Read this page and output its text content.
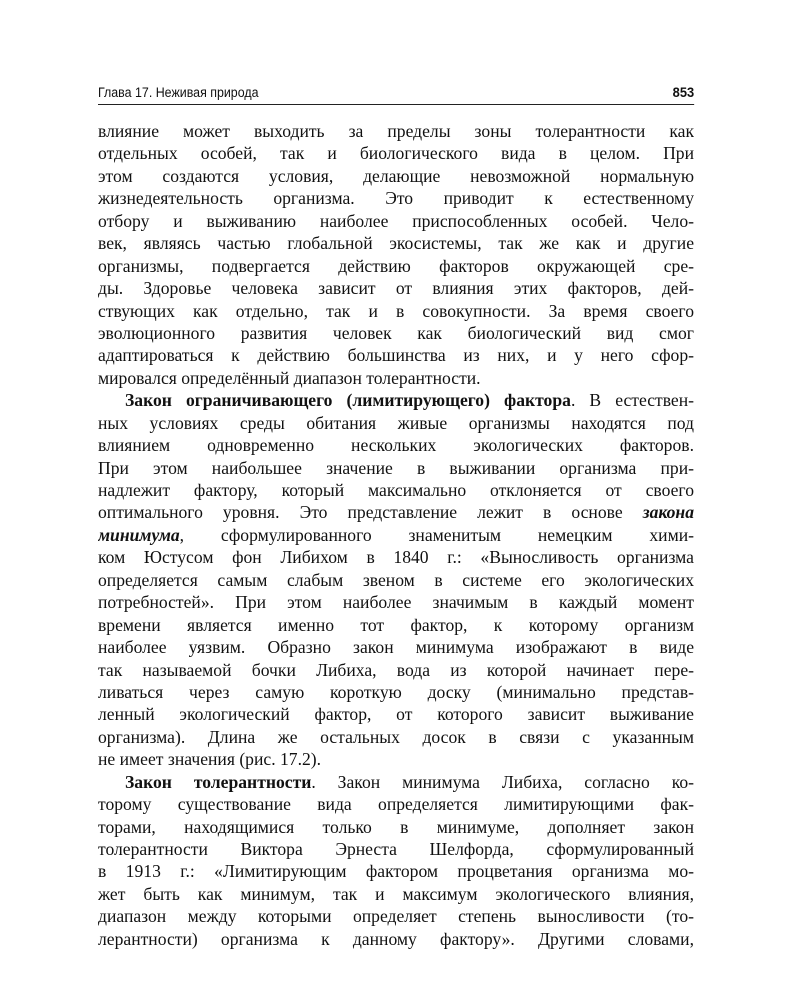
Глава 17. Неживая природа	853
влияние может выходить за пределы зоны толерантности как
отдельных особей, так и биологического вида в целом. При
этом создаются условия, делающие невозможной нормальную
жизнедеятельность организма. Это приводит к естественному
отбору и выживанию наиболее приспособленных особей. Чело-
век, являясь частью глобальной экосистемы, так же как и другие
организмы, подвергается действию факторов окружающей сре-
ды. Здоровье человека зависит от влияния этих факторов, дей-
ствующих как отдельно, так и в совокупности. За время своего
эволюционного развития человек как биологический вид смог
адаптироваться к действию большинства из них, и у него сфор-
мировался определённый диапазон толерантности.
Закон ограничивающего (лимитирующего) фактора. В естествен-
ных условиях среды обитания живые организмы находятся под
влиянием одновременно нескольких экологических факторов.
При этом наибольшее значение в выживании организма при-
надлежит фактору, который максимально отклоняется от своего
оптимального уровня. Это представление лежит в основе закона
минимума, сформулированного знаменитым немецким хими-
ком Юстусом фон Либихом в 1840 г.: «Выносливость организма
определяется самым слабым звеном в системе его экологических
потребностей». При этом наиболее значимым в каждый момент
времени является именно тот фактор, к которому организм
наиболее уязвим. Образно закон минимума изображают в виде
так называемой бочки Либиха, вода из которой начинает пере-
ливаться через самую короткую доску (минимально представ-
ленный экологический фактор, от которого зависит выживание
организма). Длина же остальных досок в связи с указанным
не имеет значения (рис. 17.2).
Закон толерантности. Закон минимума Либиха, согласно ко-
торому существование вида определяется лимитирующими фак-
торами, находящимися только в минимуме, дополняет закон
толерантности Виктора Эрнеста Шелфорда, сформулированный
в 1913 г.: «Лимитирующим фактором процветания организма мо-
жет быть как минимум, так и максимум экологического влияния,
диапазон между которыми определяет степень выносливости (то-
лерантности) организма к данному фактору». Другими словами,
